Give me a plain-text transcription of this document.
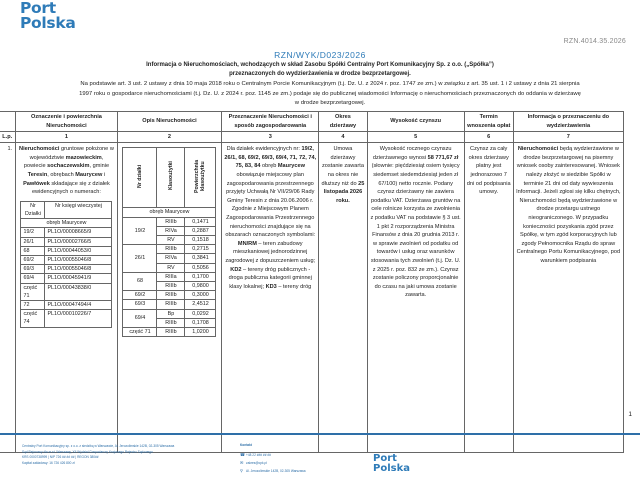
Port
Polska
RZN.4014.35.2026
RZN/WYK/D023/2026
Informacja o Nieruchomościach, wchodzących w skład Zasobu Spółki Centralny Port Komunikacyjny Sp. z o.o. („Spółka”)
przeznaczonych do wydzierżawienia w drodze bezprzetargowej.
Na podstawie art. 3 ust. 2 ustawy z dnia 10 maja 2018 roku o Centralnym Porcie Komunikacyjnym (t.j. Dz. U. z 2024 r. poz. 1747 ze zm.) w związku z art. 35 ust. 1 i 2 ustawy z dnia 21 sierpnia
1997 roku o gospodarce nieruchomościami (t.j. Dz. U. z 2024 r. poz. 1145 ze zm.) podaje się do publicznej wiadomości Informację o nieruchomościach przeznaczonych do oddania w dzierżawę
w drodze bezprzetargowej.
	Oznaczenie i powierzchnia Nieruchomości	Opis Nieruchomości	Przeznaczenie Nieruchomości i sposób zagospodarowania	Okres dzierżawy	Wysokość czynszu	Termin wnoszenia opłat	Informacja o przeznaczeniu do wydzierżawienia
L.p.	1	2	3	4	5	6	7
1.	Nieruchomości gruntowe położone w województwie mazowieckim, powiecie sochaczewskim, gminie Teresin, obrębach Maurycew i Pawłówek składające się z działek ewidencyjnych o numerach:
Nr Działki	Nr księgi wieczystej
obręb Maurycew
19/2	PL1O/00008665/9
26/1	PL1O/00002766/5
68	PL1O/00044053/0
69/2	PL1O/00055046/8
69/3	PL1O/00055046/8
69/4	PL1O/00045941/9
część 71	PL1O/00043838/0
72	PL1O/00047494/4
część 74	PL1O/00010226/7

Nr działki	Klasoużytki	Powierzchnia klasoużytku
obręb Maurycew
19/2	RIIIb	0,1471
RIVa	0,2887
RV	0,1518
26/1	RIIIb	0,2715
RIVa	0,3841
RV	0,5056
68	RIIIa	0,1700
RIIIb	0,9800
69/2	RIIIb	0,3000
69/3	RIIIb	2,4512
69/4	Bp	0,0292
RIIIb	0,1708
część 71	RIIIb	1,0200

Dla działek ewidencyjnych nr: 19/2, 26/1, 68, 69/2, 69/3, 69/4, 71, 72, 74, 75, 83, 84 obręb Maurycew obowiązuje miejscowy plan zagospodarowania przestrzennego przyjęty Uchwałą Nr VII/29/06 Rady Gminy Teresin z dnia 20.06.2006 r. Zgodnie z Miejscowym Planem Zagospodarowania Przestrzennego nieruchomości znajdujące się na obszarach oznaczonych symbolami: MN/RM – teren zabudowy mieszkaniowej jednorodzinnej zagrodowej z dopuszczeniem usług; KD2 – tereny dróg publicznych -droga publiczna kategorii gminnej klasy lokalnej; KD3 – tereny dróg

Umowa dzierżawy zostanie zawarta na okres nie dłuższy niż do 25 listopada 2026 roku.

Wysokość rocznego czynszu dzierżawnego wynosi 58 771,67 zł (słownie: pięćdziesiąt osiem tysięcy siedemset siedemdziesiąt jeden zł 67/100) netto rocznie. Podany czynsz dzierżawny nie zawiera podatku VAT. Dzierżawa gruntów na cele rolnicze korzysta ze zwolnienia z podatku VAT na podstawie § 3 ust. 1 pkt 2 rozporządzenia Ministra Finansów z dnia 20 grudnia 2013 r. w sprawie zwolnień od podatku od towarów i usług oraz warunków stosowania tych zwolnień (t.j. Dz. U. z 2025 r. poz. 832 ze zm.). Czynsz zostanie policzony proporcjonalnie do czasu na jaki umowa zostanie zawarta.

Czynsz za cały okres dzierżawy płatny jest jednorazowo 7 dni od podpisania umowy.

Nieruchomości będą wydzierżawione w drodze bezprzetargowej na pisemny wniosek osoby zainteresowanej. Wniosek należy złożyć w siedzibie Spółki w terminie 21 dni od daty wywieszenia Informacji. Jeżeli zgłosi się kilku chętnych, Nieruchomości będą wydzierżawione w drodze przetargu ustnego nieograniczonego. W przypadku konieczności pozyskania zgód przez Spółkę, w tym zgód korporacyjnych lub zgody Pełnomocnika Rządu do spraw Centralnego Portu Komunikacyjnego, pod warunkiem podpisania
1
Centralny Port Komunikacyjny sp. z o.o. z siedzibą w Warszawie, Al. Jerozolimskie 142B, 02-305 Warszawa
Sąd Rejonowy dla m.st. Warszawy, XII Wydział Gospodarczy Krajowego Rejestru Sądowego
KRS 0000738999 | NIP 726 ## ## ## | REGON 380##
Kapitał zakładowy: 16 726 426 800 zł
Kontakt
☎+48 22 ### ## ##
✉ zakres@cpk.pl
⚲ Al. Jerozolimskie 142B, 02-305 Warszawa
Port
Polska
